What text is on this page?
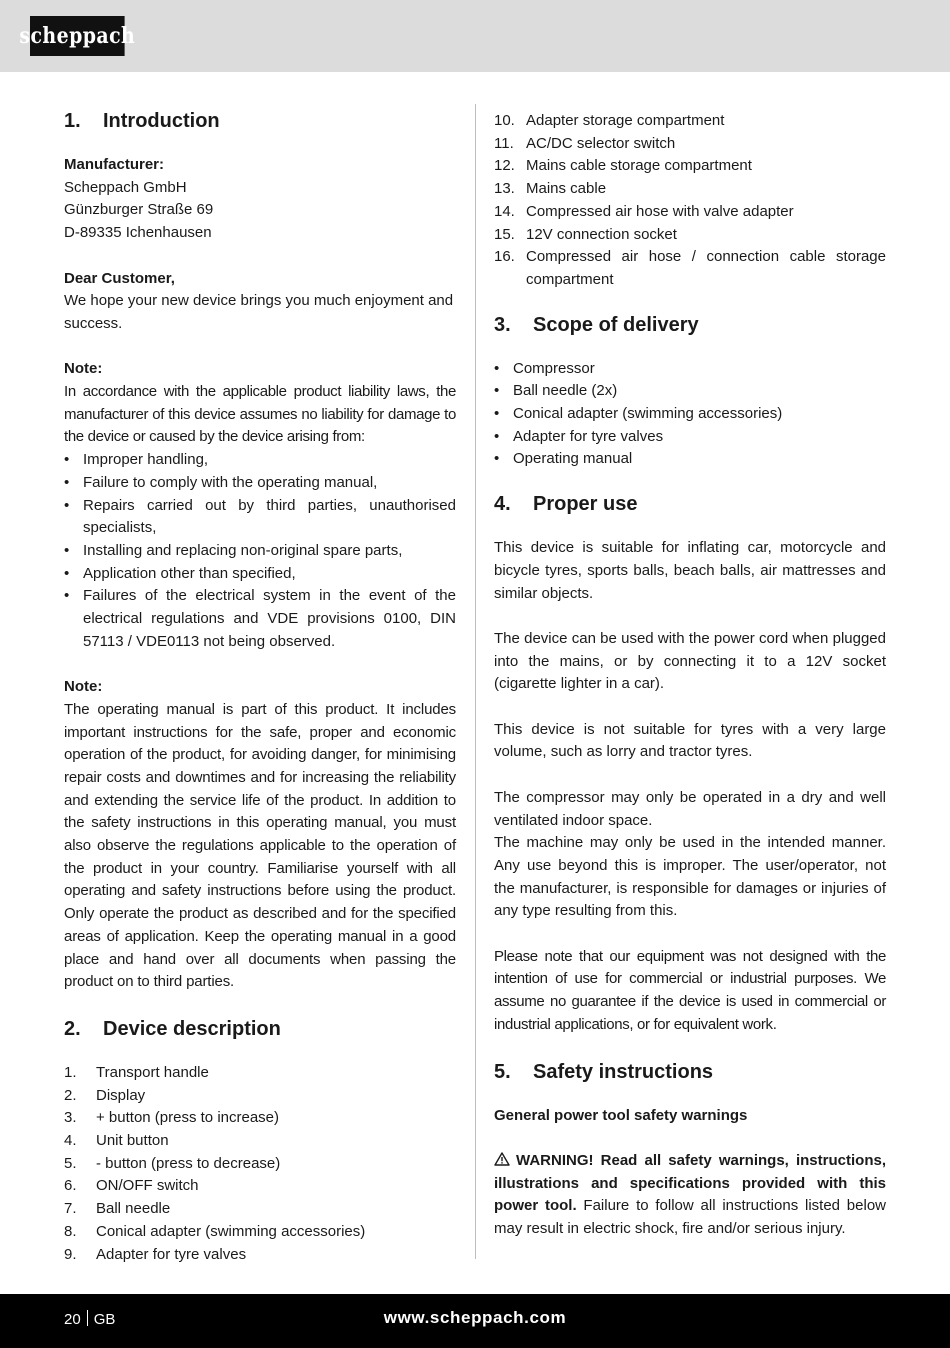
scheppach
1.	Introduction

Manufacturer:

Scheppach GmbH

Günzburger Straße 69

D-89335 Ichenhausen

Dear Customer,

We hope your new device brings you much enjoyment and success.

Note:

In accordance with the applicable product liability laws, the manufacturer of this device assumes no liability for damage to the device or caused by the device arising from:

• Improper handling,
• Failure to comply with the operating manual,
• Repairs carried out by third parties, unauthorised specialists,
• Installing and replacing non-original spare parts,
• Application other than specified,
• Failures of the electrical system in the event of the electrical regulations and VDE provisions 0100, DIN 57113 / VDE0113 not being observed.

Note:

The operating manual is part of this product. It includes important instructions for the safe, proper and economic operation of the product, for avoiding danger, for minimising repair costs and downtimes and for increasing the reliability and extending the service life of the product. In addition to the safety instructions in this operating manual, you must also observe the regulations applicable to the operation of the product in your country. Familiarise yourself with all operating and safety instructions before using the product. Only operate the product as described and for the specified areas of application. Keep the operating manual in a good place and hand over all documents when passing the product on to third parties.

2.	Device description
1.	Transport handle
2.	Display
3.	+ button (press to increase)
4.	Unit button
5.	- button (press to decrease)
6.	ON/OFF switch
7.	Ball needle
8.	Conical adapter (swimming accessories)
9.	Adapter for tyre valves
10. Adapter storage compartment
11. AC/DC selector switch
12. Mains cable storage compartment
13. Mains cable
14. Compressed air hose with valve adapter
15. 12V connection socket
16. Compressed air hose / connection cable storage compartment
3.	Scope of delivery
• Compressor
• Ball needle (2x)
• Conical adapter (swimming accessories)
• Adapter for tyre valves
• Operating manual
4.	Proper use

This device is suitable for inflating car, motorcycle and bicycle tyres, sports balls, beach balls, air mattresses and similar objects.

The device can be used with the power cord when plugged into the mains, or by connecting it to a 12V socket (cigarette lighter in a car).

This device is not suitable for tyres with a very large volume, such as lorry and tractor tyres.

The compressor may only be operated in a dry and well ventilated indoor space.

The machine may only be used in the intended manner. Any use beyond this is improper. The user/operator, not the manufacturer, is responsible for damages or injuries of any type resulting from this.

Please note that our equipment was not designed with the intention of use for commercial or industrial purposes. We assume no guarantee if the device is used in commercial or industrial applications, or for equivalent work.

5.	Safety instructions

General power tool safety warnings

WARNING! Read all safety warnings, instructions, illustrations and specifications provided with this power tool. Failure to follow all instructions listed below may result in electric shock, fire and/or serious injury.

20 GB	www.scheppach.com
